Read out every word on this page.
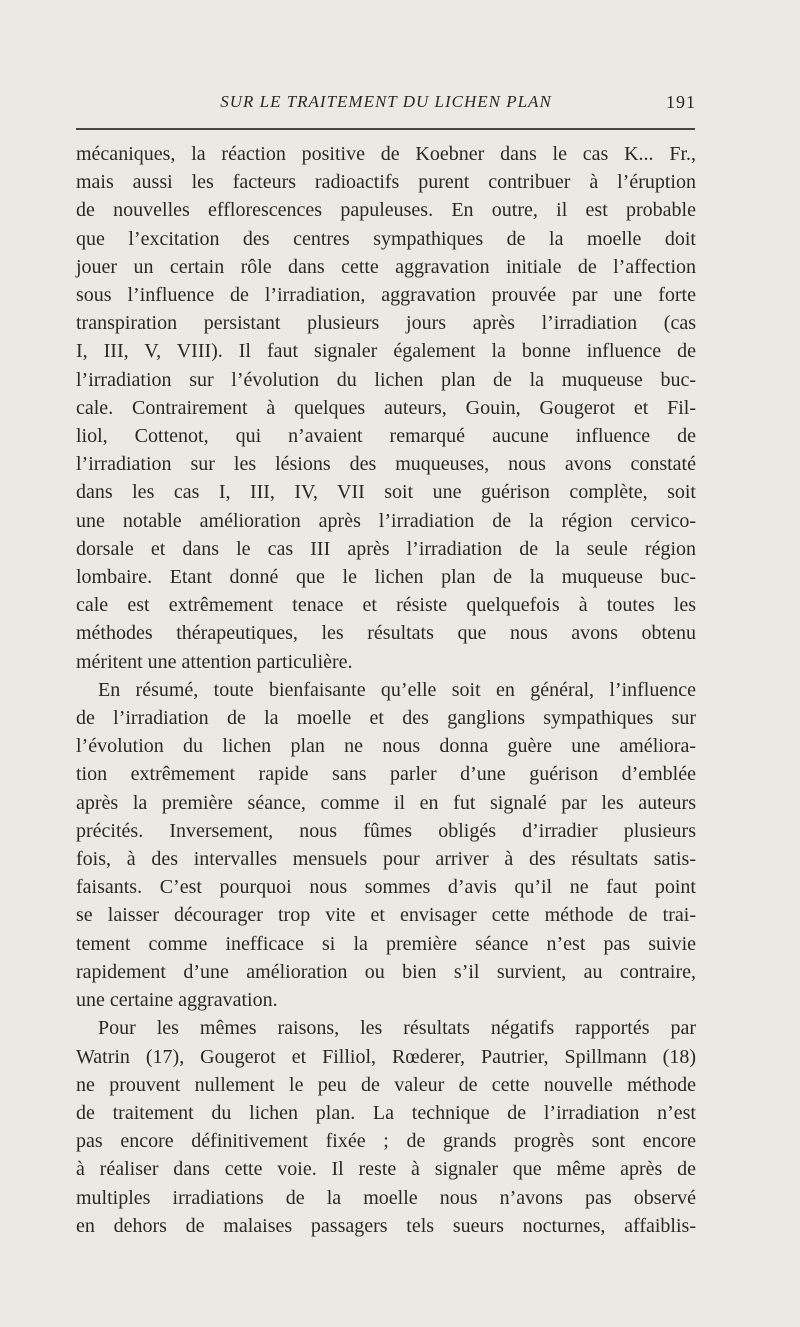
SUR LE TRAITEMENT DU LICHEN PLAN	191
mécaniques, la réaction positive de Koebner dans le cas K... Fr.,
mais aussi les facteurs radioactifs purent contribuer à l’éruption
de nouvelles efflorescences papuleuses. En outre, il est probable
que l’excitation des centres sympathiques de la moelle doit
jouer un certain rôle dans cette aggravation initiale de l’affection
sous l’influence de l’irradiation, aggravation prouvée par une forte
transpiration persistant plusieurs jours après l’irradiation (cas
I, III, V, VIII). Il faut signaler également la bonne influence de
l’irradiation sur l’évolution du lichen plan de la muqueuse buc-
cale. Contrairement à quelques auteurs, Gouin, Gougerot et Fil-
liol, Cottenot, qui n’avaient remarqué aucune influence de
l’irradiation sur les lésions des muqueuses, nous avons constaté
dans les cas I, III, IV, VII soit une guérison complète, soit
une notable amélioration après l’irradiation de la région cervico-
dorsale et dans le cas III après l’irradiation de la seule région
lombaire. Etant donné que le lichen plan de la muqueuse buc-
cale est extrêmement tenace et résiste quelquefois à toutes les
méthodes thérapeutiques, les résultats que nous avons obtenu
méritent une attention particulière.
En résumé, toute bienfaisante qu’elle soit en général, l’influence
de l’irradiation de la moelle et des ganglions sympathiques sur
l’évolution du lichen plan ne nous donna guère une améliora-
tion extrêmement rapide sans parler d’une guérison d’emblée
après la première séance, comme il en fut signalé par les auteurs
précités. Inversement, nous fûmes obligés d’irradier plusieurs
fois, à des intervalles mensuels pour arriver à des résultats satis-
faisants. C’est pourquoi nous sommes d’avis qu’il ne faut point
se laisser décourager trop vite et envisager cette méthode de trai-
tement comme inefficace si la première séance n’est pas suivie
rapidement d’une amélioration ou bien s’il survient, au contraire,
une certaine aggravation.
Pour les mêmes raisons, les résultats négatifs rapportés par
Watrin (17), Gougerot et Filliol, Rœderer, Pautrier, Spillmann (18)
ne prouvent nullement le peu de valeur de cette nouvelle méthode
de traitement du lichen plan. La technique de l’irradiation n’est
pas encore définitivement fixée ; de grands progrès sont encore
à réaliser dans cette voie. Il reste à signaler que même après de
multiples irradiations de la moelle nous n’avons pas observé
en dehors de malaises passagers tels sueurs nocturnes, affaiblis-
